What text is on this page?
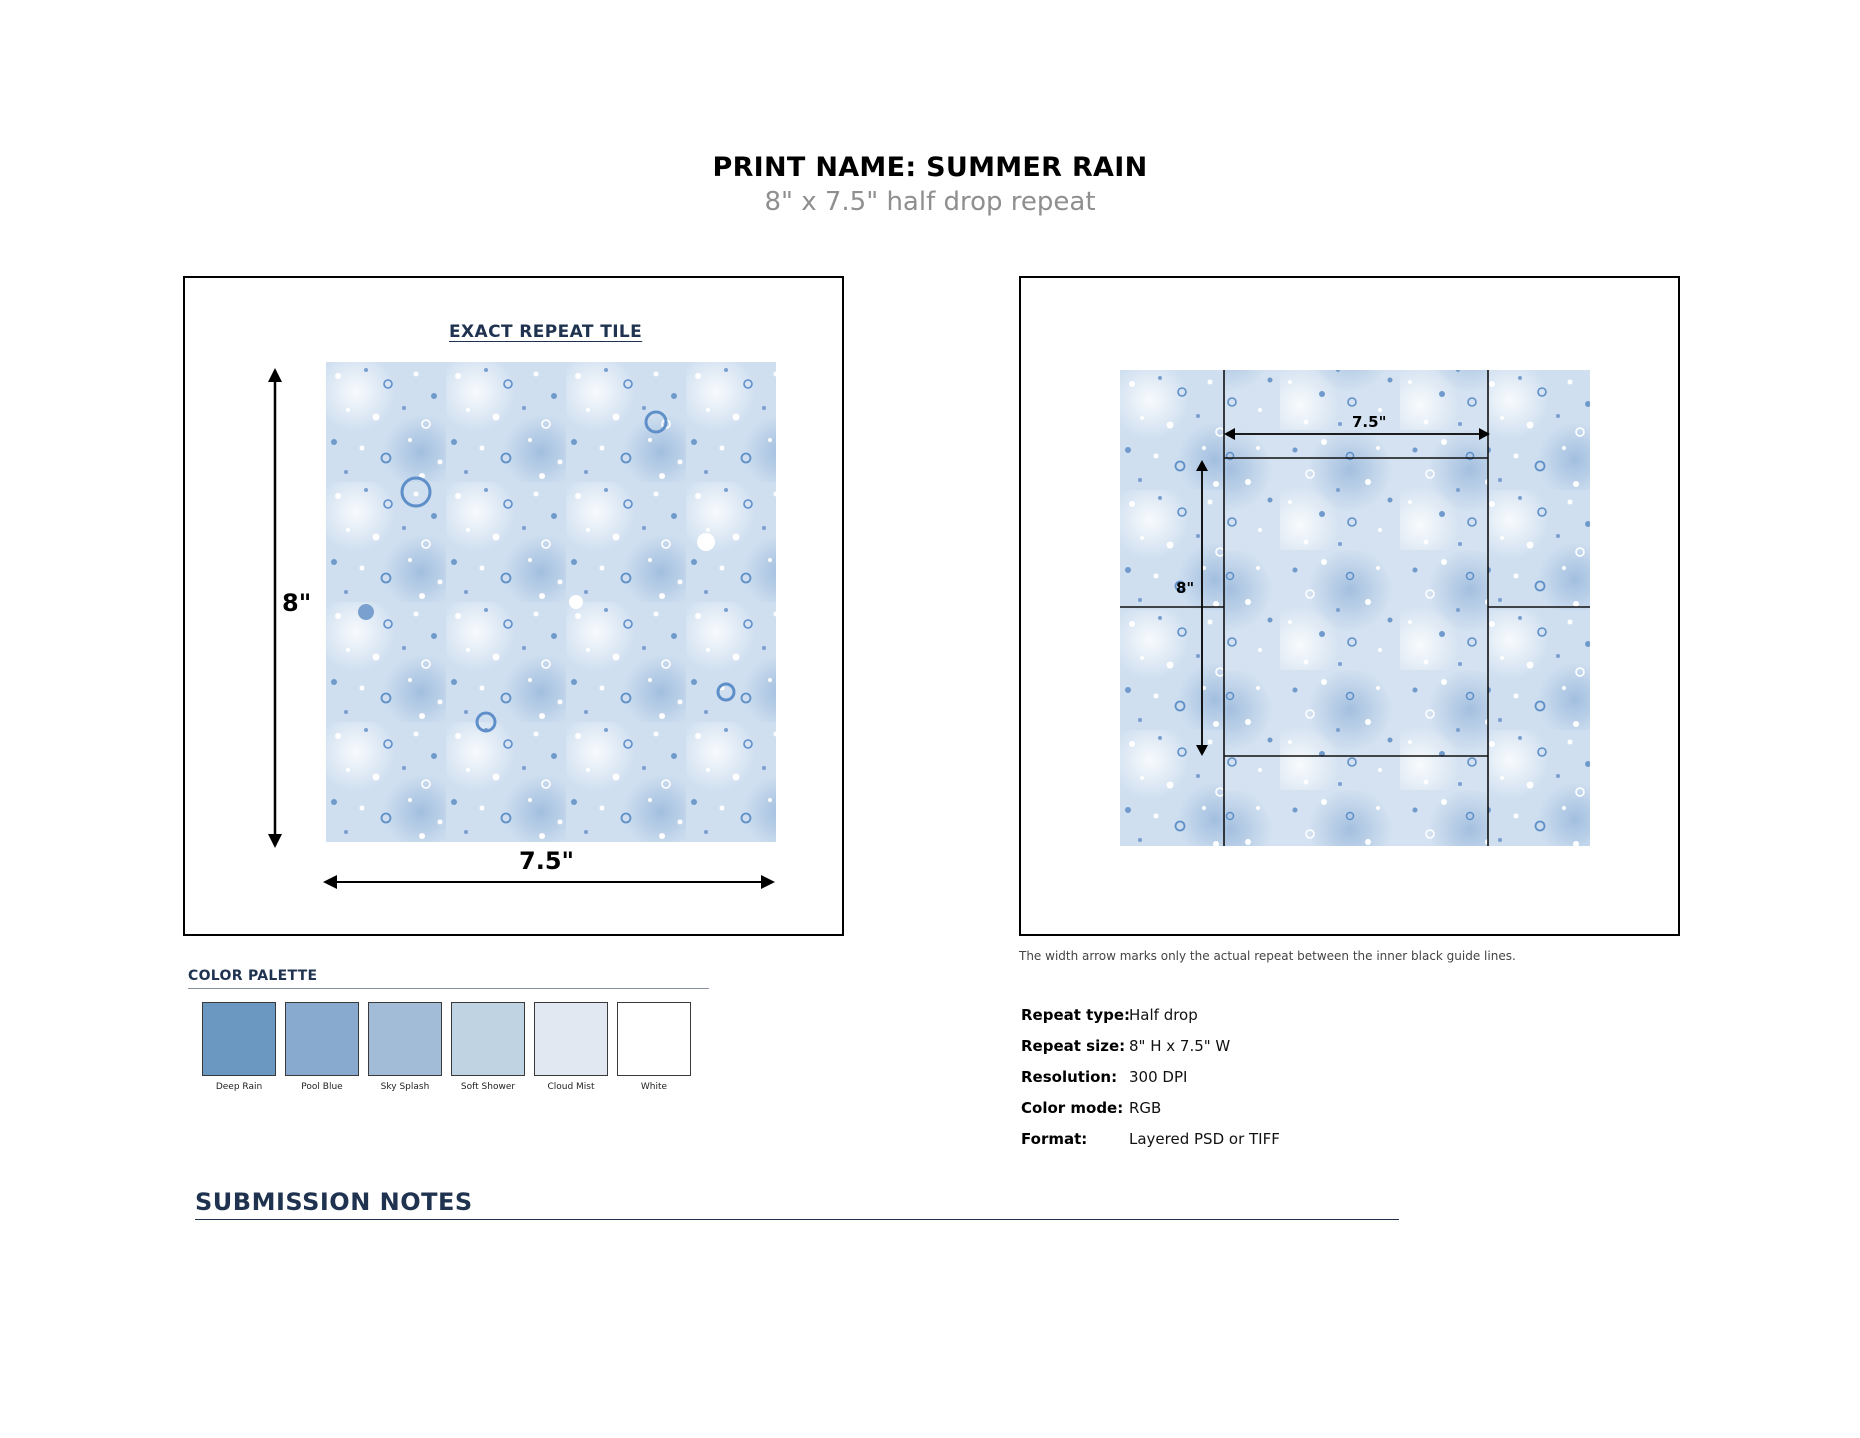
PRINT NAME: SUMMER RAIN
8" x 7.5" half drop repeat
EXACT REPEAT TILE
8"
7.5"
7.5"
8"
The width arrow marks only the actual repeat between the inner black guide lines.
COLOR PALETTE
Deep Rain	Pool Blue	Sky Splash	Soft Shower	Cloud Mist	White
Repeat type:
Half drop
Repeat size: 8" H x 7.5" W
Resolution: 300 DPI
Color mode: RGB
Format:	Layered PSD or TIFF
SUBMISSION NOTES
